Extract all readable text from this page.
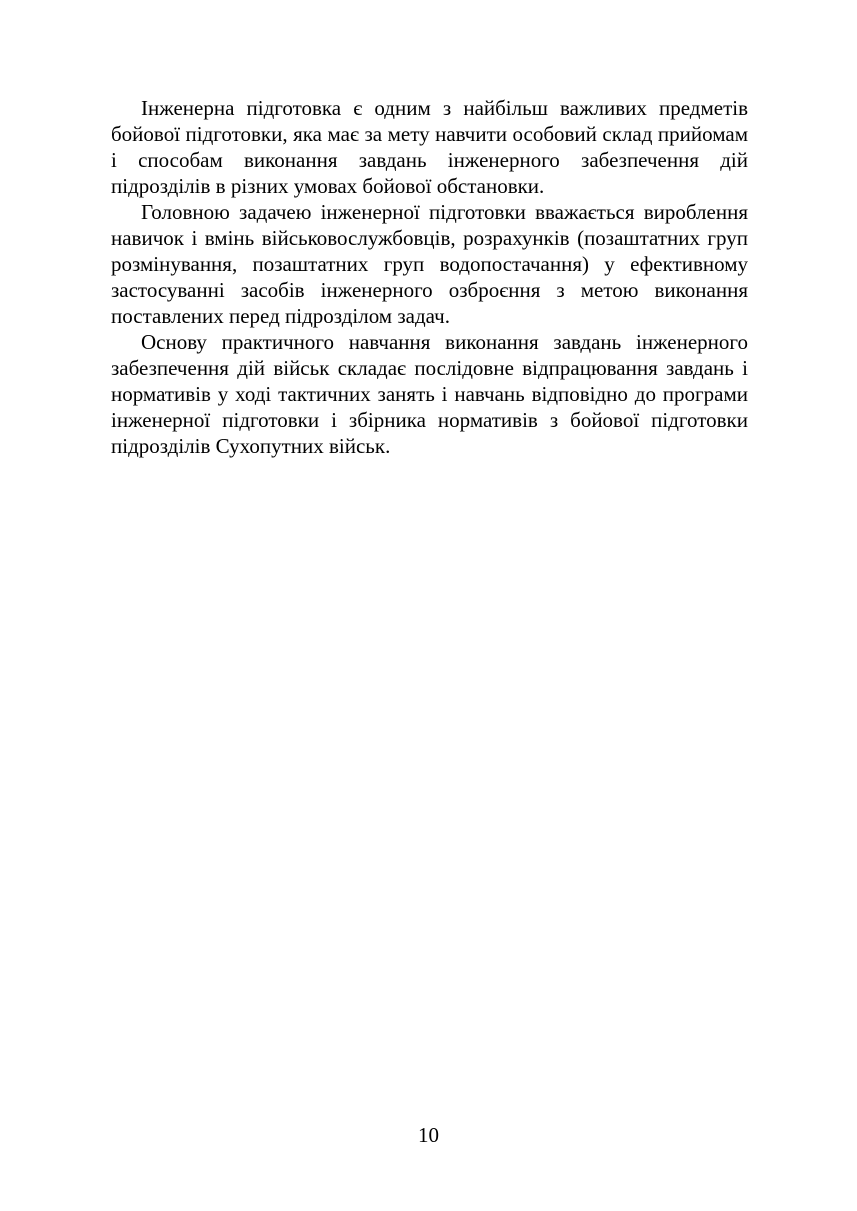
Інженерна підготовка є одним з найбільш важливих предметів бойової підготовки, яка має за мету навчити особовий склад прийомам і способам виконання завдань інженерного забезпечення дій підрозділів в різних умовах бойової обстановки.

Головною задачею інженерної підготовки вважається вироблення навичок і вмінь військовослужбовців, розрахунків (позаштатних груп розмінування, позаштатних груп водопостачання) у ефективному застосуванні засобів інженерного озброєння з метою виконання поставлених перед підрозділом задач.

Основу практичного навчання виконання завдань інженерного забезпечення дій військ складає послідовне відпрацювання завдань і нормативів у ході тактичних занять і навчань відповідно до програми інженерної підготовки і збірника нормативів з бойової підготовки підрозділів Сухопутних військ.

10
